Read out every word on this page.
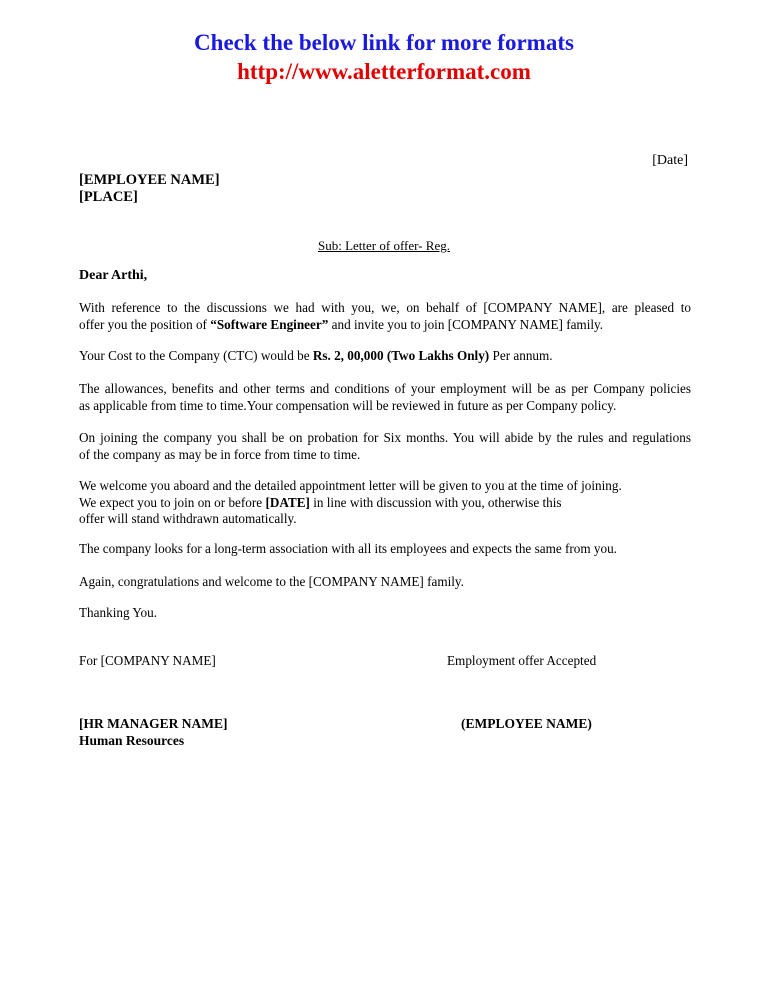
Check the below link for more formats
http://www.aletterformat.com
[Date]
[EMPLOYEE NAME]
[PLACE]
Sub: Letter of offer- Reg.
Dear Arthi,
With reference to the discussions we had with you, we, on behalf of [COMPANY NAME], are pleased to
offer you the position of “Software Engineer” and invite you to join [COMPANY NAME] family.
Your Cost to the Company (CTC) would be Rs. 2, 00,000 (Two Lakhs Only) Per annum.
The allowances, benefits and other terms and conditions of your employment will be as per Company policies
as applicable from time to time.Your compensation will be reviewed in future as per Company policy.
On joining the company you shall be on probation for Six months. You will abide by the rules and regulations
of the company as may be in force from time to time.
We welcome you aboard and the detailed appointment letter will be given to you at the time of joining.
We expect you to join on or before [DATE] in line with discussion with you, otherwise this
offer will stand withdrawn automatically.
The company looks for a long-term association with all its employees and expects the same from you.
Again, congratulations and welcome to the [COMPANY NAME] family.
Thanking You.
For [COMPANY NAME]	Employment offer Accepted
[HR MANAGER NAME]
Human Resources
(EMPLOYEE NAME)
